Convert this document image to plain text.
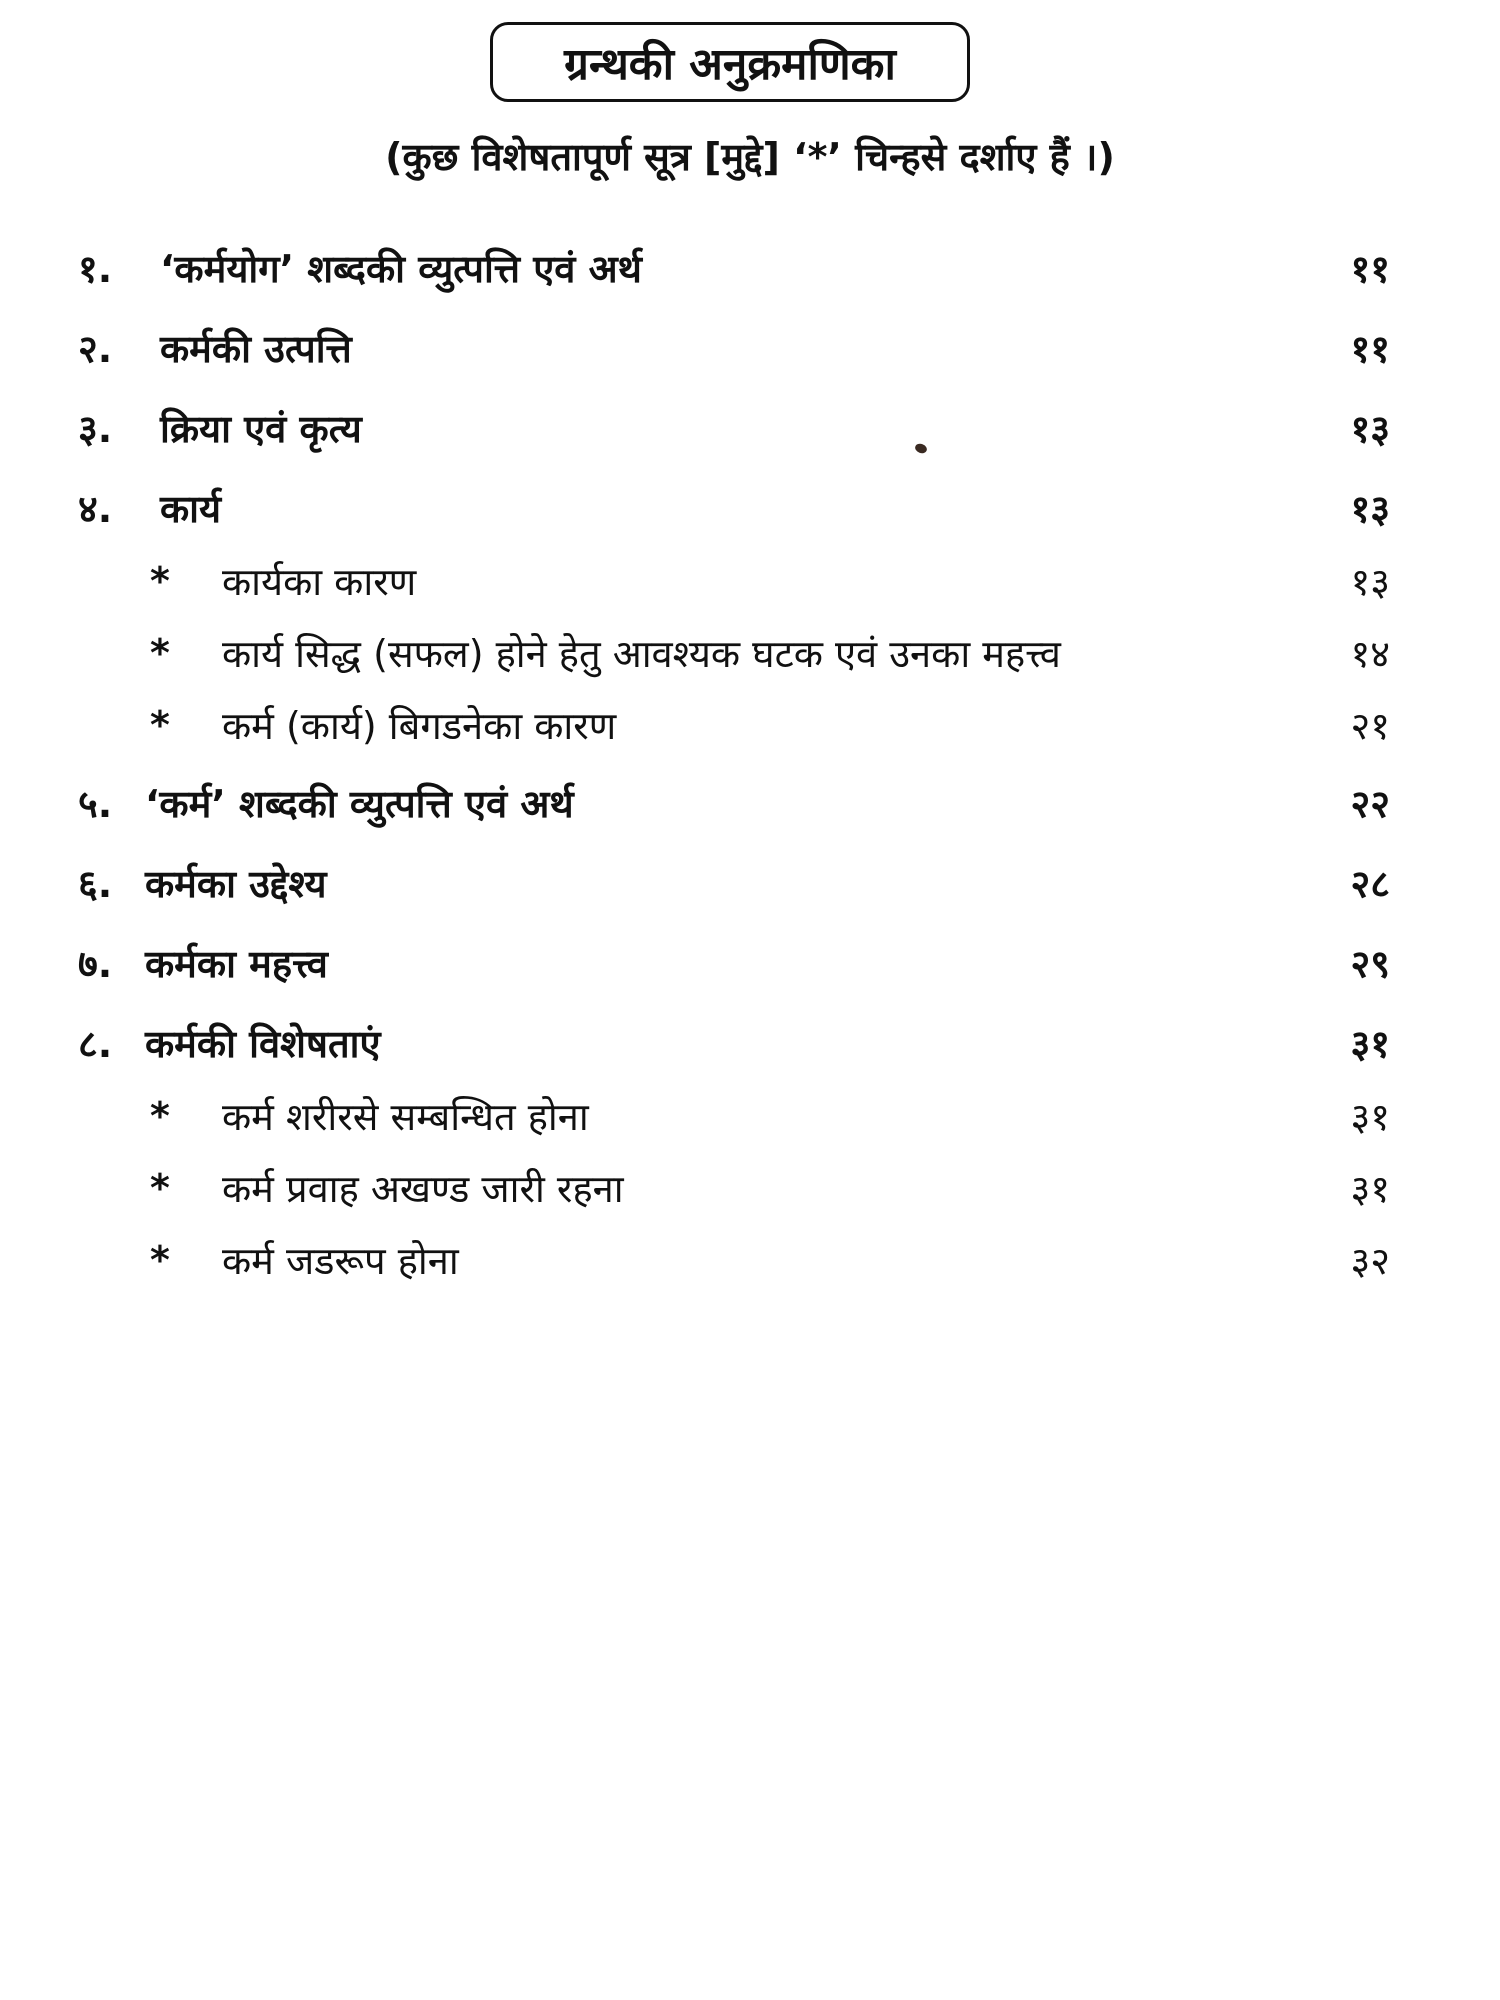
ग्रन्थकी अनुक्रमणिका
(कुछ विशेषतापूर्ण सूत्र [मुद्दे] ‘*’ चिन्हसे दर्शाए हैं ।)
१. ‘कर्मयोग’ शब्दकी व्युत्पत्ति एवं अर्थ	११
२. कर्मकी उत्पत्ति	११
३. क्रिया एवं कृत्य	१३
४. कार्य	१३
* कार्यका कारण	१३
* कार्य सिद्ध (सफल) होने हेतु आवश्यक घटक एवं उनका महत्त्व	१४
* कर्म (कार्य) बिगडनेका कारण	२१
५. ‘कर्म’ शब्दकी व्युत्पत्ति एवं अर्थ	२२
६. कर्मका उद्देश्य	२८
७. कर्मका महत्त्व	२९
८. कर्मकी विशेषताएं	३१
* कर्म शरीरसे सम्बन्धित होना	३१
* कर्म प्रवाह अखण्ड जारी रहना	३१
* कर्म जडरूप होना	३२
